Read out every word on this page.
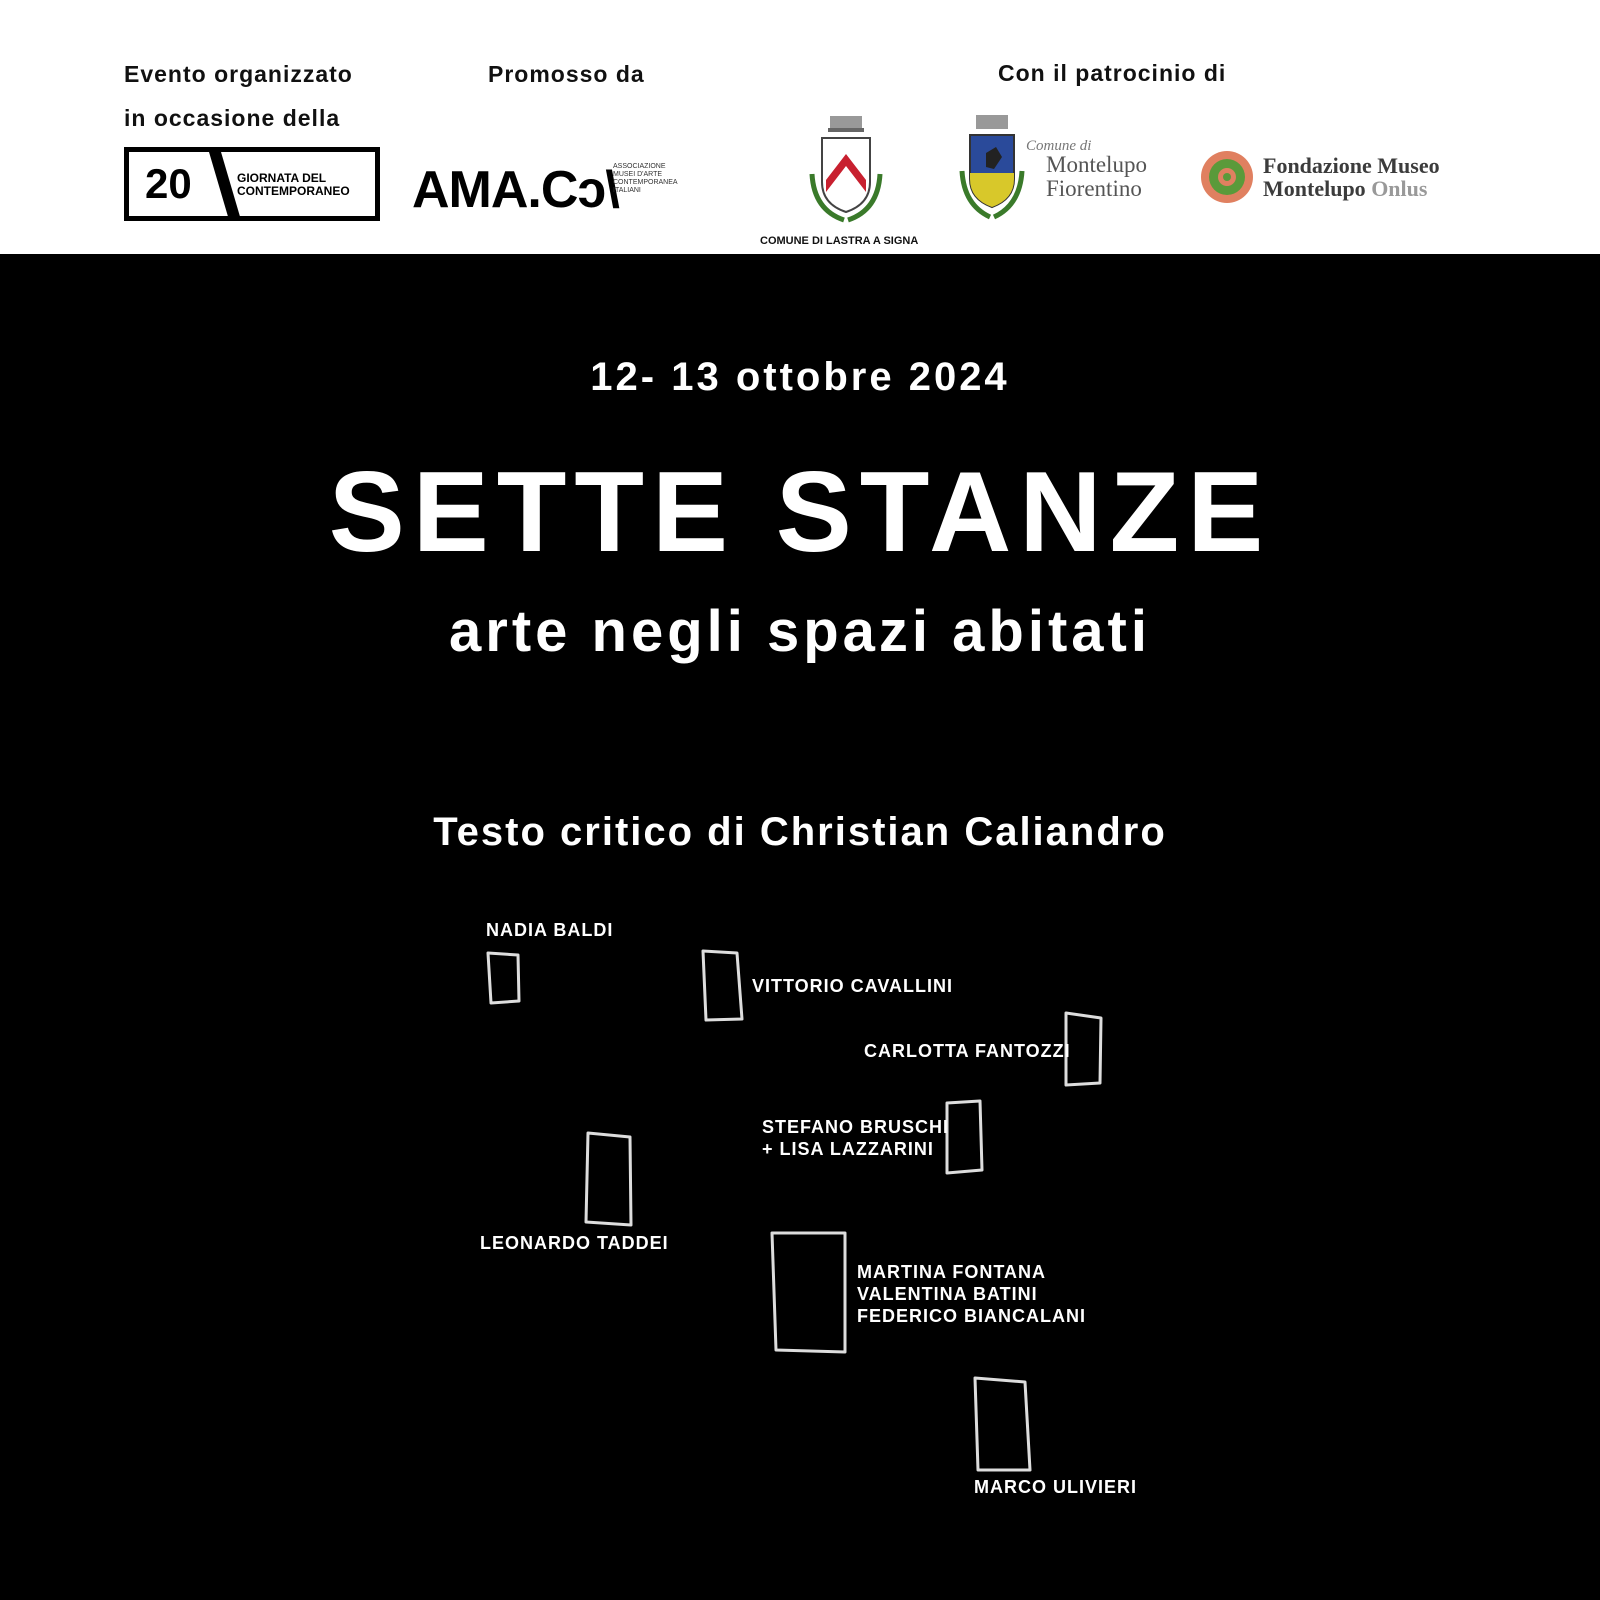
Evento organizzato
in occasione della
Promosso da	Con il patrocinio di
20	GIORNATA DEL
CONTEMPORANEO AMA.Cɔ\
ASSOCIAZIONE
MUSEI D'ARTE
CONTEMPORANEA
ITALIANI
COMUNE DI LASTRA A SIGNA
Comune di
Montelupo
Fiorentino
Fondazione Museo
Montelupo Onlus
12- 13 ottobre 2024
SETTE STANZE
arte negli spazi abitati
Testo critico di Christian Caliandro
NADIA BALDI
VITTORIO CAVALLINI
CARLOTTA FANTOZZI
STEFANO BRUSCHI
+ LISA LAZZARINI
LEONARDO TADDEI
MARTINA FONTANA
VALENTINA BATINI
FEDERICO BIANCALANI
MARCO ULIVIERI
